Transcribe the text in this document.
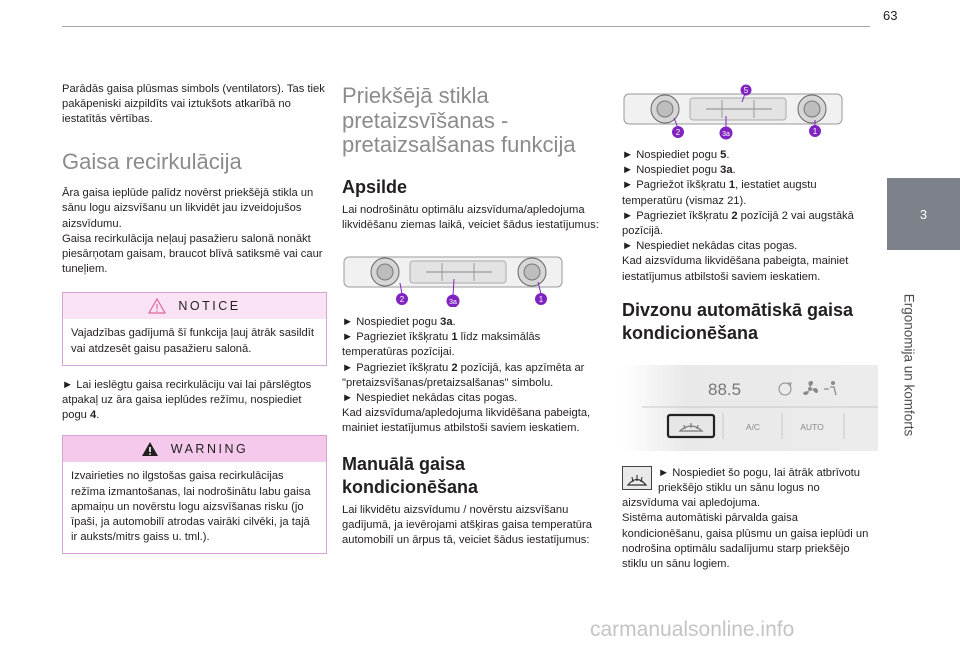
63
3
Ergonomija un komforts

Parādās gaisa plūsmas simbols (ventilators). Tas tiek pakāpeniski aizpildīts vai iztukšots atkarībā no iestatītās vērtības.

Gaisa recirkulācija

Āra gaisa ieplūde palīdz novērst priekšējā stikla un sānu logu aizsvīšanu un likvidēt jau izveidojušos aizsvīdumu.

Gaisa recirkulācija neļauj pasažieru salonā nonākt piesārņotam gaisam, braucot blīvā satiksmē vai caur tuneļiem.

NOTICE
Vajadzības gadījumā šī funkcija ļauj ātrāk sasildīt vai atdzesēt gaisu pasažieru salonā.

► Lai ieslēgtu gaisa recirkulāciju vai lai pārslēgtos atpakaļ uz āra gaisa ieplūdes režīmu, nospiediet pogu 4.

WARNING
Izvairieties no ilgstošas gaisa recirkulācijas režīma izmantošanas, lai nodrošinātu labu gaisa apmaiņu un novērstu logu aizsvīšanas risku (jo īpaši, ja automobilī atrodas vairāki cilvēki, ja tajā ir auksts/mitrs gaiss u. tml.).
Priekšējā stikla pretaizsvīšanas - pretaizsalšanas funkcija
Apsilde

Lai nodrošinātu optimālu aizsvīduma/apledojuma likvidēšanu ziemas laikā, veiciet šādus iestatījumus:

2	3a	1

► Nospiediet pogu 3a.

► Pagrieziet īkšķratu 1 līdz maksimālās temperatūras pozīcijai.

► Pagrieziet īkšķratu 2 pozīcijā, kas apzīmēta ar "pretaizsvīšanas/pretaizsalšanas" simbolu.

► Nespiediet nekādas citas pogas.

Kad aizsvīduma/apledojuma likvidēšana pabeigta, mainiet iestatījumus atbilstoši saviem ieskatiem.

Manuālā gaisa kondicionēšana

Lai likvidētu aizsvīdumu / novērstu aizsvīšanu gadījumā, ja ievērojami atšķiras gaisa temperatūra automobilī un ārpus tā, veiciet šādus iestatījumus:

5
2	3a	1

► Nospiediet pogu 5.

► Nospiediet pogu 3a.

► Pagriežot īkšķratu 1, iestatiet augstu temperatūru (vismaz 21).

► Pagrieziet īkšķratu 2 pozīcijā 2 vai augstākā pozīcijā.

► Nespiediet nekādas citas pogas.

Kad aizsvīduma likvidēšana pabeigta, mainiet iestatījumus atbilstoši saviem ieskatiem.

Divzonu automātiskā gaisa kondicionēšana
88.5
A/C	AUTO

► Nospiediet šo pogu, lai ātrāk atbrīvotu priekšējo stiklu un sānu logus no aizsvīduma vai apledojuma.

Sistēma automātiski pārvalda gaisa kondicionēšanu, gaisa plūsmu un gaisa ieplūdi un nodrošina optimālu sadalījumu starp priekšējo stiklu un sānu logiem.

carmanualsonline.info
